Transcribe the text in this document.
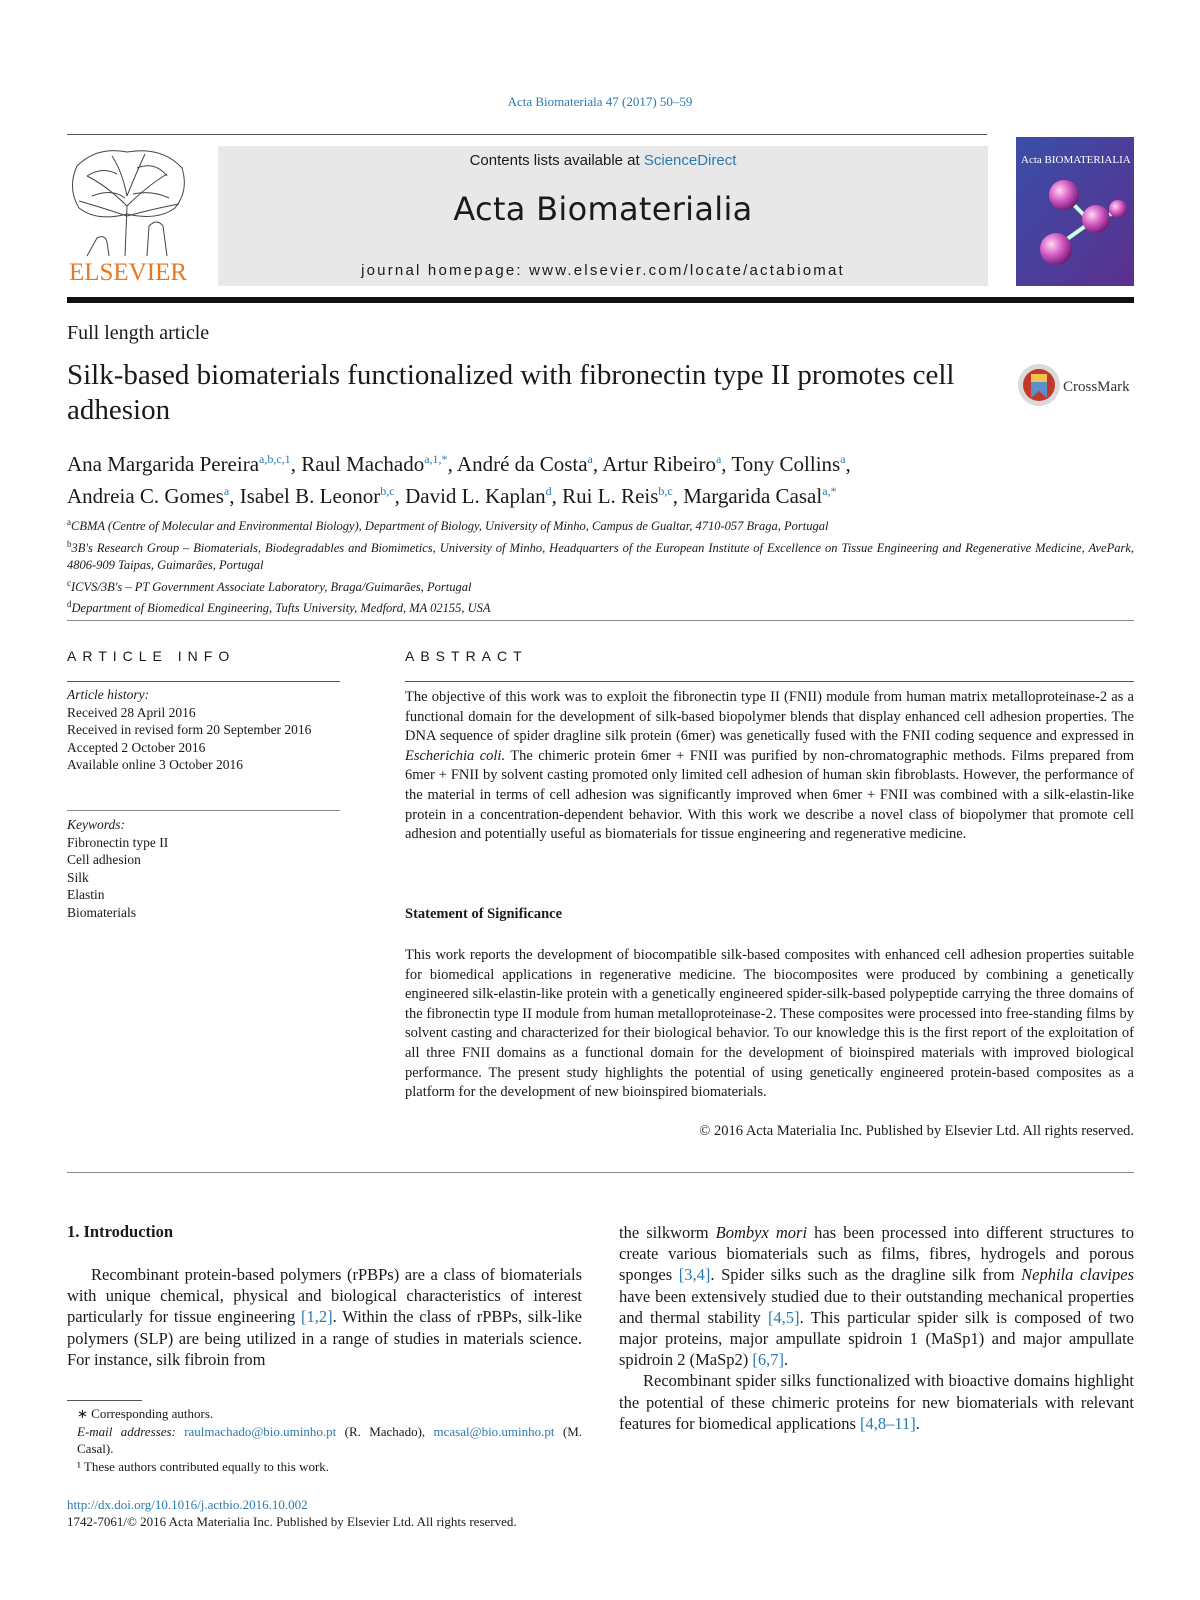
Acta Biomateriala 47 (2017) 50–59
ELSEVIER
Contents lists available at ScienceDirect
Acta Biomaterialia
journal homepage: www.elsevier.com/locate/actabiomat
Acta BIOMATERIALIA
Full length article
Silk-based biomaterials functionalized with fibronectin type II promotes cell adhesion
CrossMark
Ana Margarida Pereira$^{a,b,c,1}$, Raul Machado$^{a,1,*}$, André da Costa$^a$, Artur Ribeiro$^a$, Tony Collins$^a$,
Andreia C. Gomes$^a$, Isabel B. Leonor$^{b,c}$, David L. Kaplan$^d$, Rui L. Reis$^{b,c}$, Margarida Casal$^{a,*}$
$^a$CBMA (Centre of Molecular and Environmental Biology), Department of Biology, University of Minho, Campus de Gualtar, 4710-057 Braga, Portugal
$^b$3B's Research Group – Biomaterials, Biodegradables and Biomimetics, University of Minho, Headquarters of the European Institute of Excellence on Tissue Engineering and Regenerative Medicine, AvePark, 4806-909 Taipas, Guimarães, Portugal
$^c$ICVS/3B's – PT Government Associate Laboratory, Braga/Guimarães, Portugal
$^d$Department of Biomedical Engineering, Tufts University, Medford, MA 02155, USA
ARTICLE INFO
Article history:
Received 28 April 2016
Received in revised form 20 September 2016
Accepted 2 October 2016
Available online 3 October 2016
Keywords:
Fibronectin type II
Cell adhesion
Silk
Elastin
Biomaterials
ABSTRACT
The objective of this work was to exploit the fibronectin type II (FNII) module from human matrix metalloproteinase-2 as a functional domain for the development of silk-based biopolymer blends that display enhanced cell adhesion properties. The DNA sequence of spider dragline silk protein (6mer) was genetically fused with the FNII coding sequence and expressed in Escherichia coli. The chimeric protein 6mer + FNII was purified by non-chromatographic methods. Films prepared from 6mer + FNII by solvent casting promoted only limited cell adhesion of human skin fibroblasts. However, the performance of the material in terms of cell adhesion was significantly improved when 6mer + FNII was combined with a silk-elastin-like protein in a concentration-dependent behavior. With this work we describe a novel class of biopolymer that promote cell adhesion and potentially useful as biomaterials for tissue engineering and regenerative medicine.
Statement of Significance
This work reports the development of biocompatible silk-based composites with enhanced cell adhesion properties suitable for biomedical applications in regenerative medicine. The biocomposites were produced by combining a genetically engineered silk-elastin-like protein with a genetically engineered spider-silk-based polypeptide carrying the three domains of the fibronectin type II module from human metalloproteinase-2. These composites were processed into free-standing films by solvent casting and characterized for their biological behavior. To our knowledge this is the first report of the exploitation of all three FNII domains as a functional domain for the development of bioinspired materials with improved biological performance. The present study highlights the potential of using genetically engineered protein-based composites as a platform for the development of new bioinspired biomaterials.
© 2016 Acta Materialia Inc. Published by Elsevier Ltd. All rights reserved.
1. Introduction

Recombinant protein-based polymers (rPBPs) are a class of biomaterials with unique chemical, physical and biological characteristics of interest particularly for tissue engineering [1,2]. Within the class of rPBPs, silk-like polymers (SLP) are being utilized in a range of studies in materials science. For instance, silk fibroin from

the silkworm Bombyx mori has been processed into different structures to create various biomaterials such as films, fibres, hydrogels and porous sponges [3,4]. Spider silks such as the dragline silk from Nephila clavipes have been extensively studied due to their outstanding mechanical properties and thermal stability [4,5]. This particular spider silk is composed of two major proteins, major ampullate spidroin 1 (MaSp1) and major ampullate spidroin 2 (MaSp2) [6,7].

Recombinant spider silks functionalized with bioactive domains highlight the potential of these chimeric proteins for new biomaterials with relevant features for biomedical applications [4,8–11].

∗ Corresponding authors.
E-mail addresses: raulmachado@bio.uminho.pt (R. Machado), mcasal@bio.uminho.pt (M. Casal).
¹ These authors contributed equally to this work.
http://dx.doi.org/10.1016/j.actbio.2016.10.002
1742-7061/© 2016 Acta Materialia Inc. Published by Elsevier Ltd. All rights reserved.
